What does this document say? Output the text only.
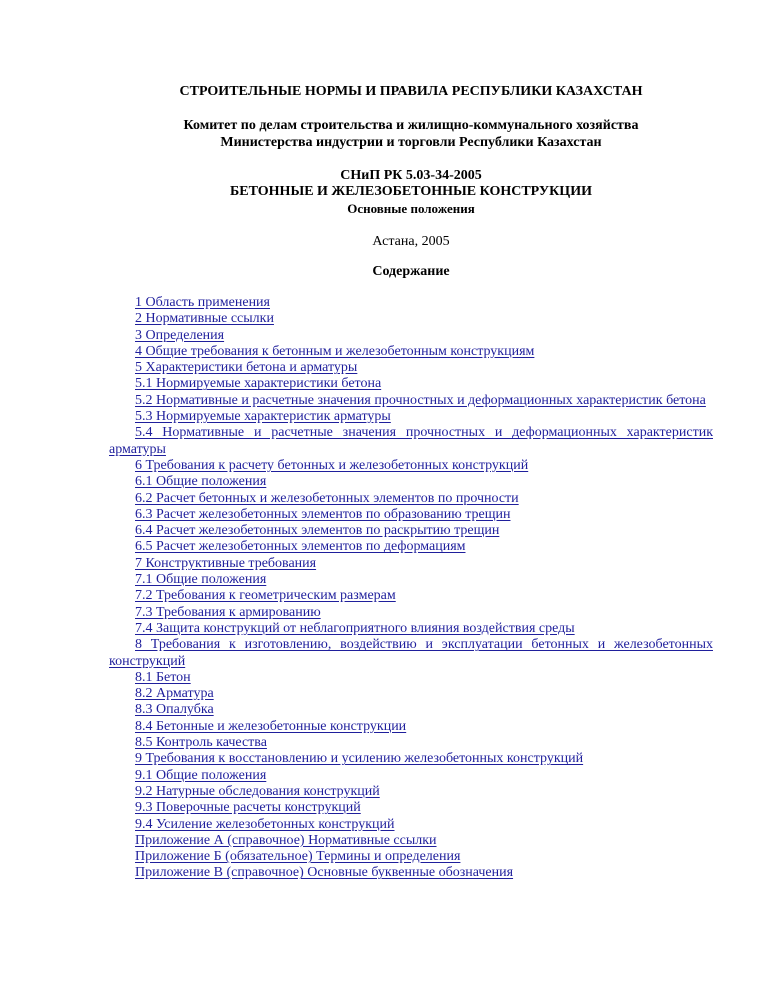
СТРОИТЕЛЬНЫЕ НОРМЫ И ПРАВИЛА РЕСПУБЛИКИ КАЗАХСТАН
Комитет по делам строительства и жилищно-коммунального хозяйства
Министерства индустрии и торговли Республики Казахстан
СНиП РК 5.03-34-2005
БЕТОННЫЕ И ЖЕЛЕЗОБЕТОННЫЕ КОНСТРУКЦИИ
Основные положения
Астана, 2005
Содержание
1 Область применения
2 Нормативные ссылки
3 Определения
4 Общие требования к бетонным и железобетонным конструкциям
5 Характеристики бетона и арматуры
5.1 Нормируемые характеристики бетона
5.2 Нормативные и расчетные значения прочностных и деформационных характеристик бетона
5.3 Нормируемые характеристик арматуры
5.4 Нормативные и расчетные значения прочностных и деформационных характеристик арматуры
6 Требования к расчету бетонных и железобетонных конструкций
6.1 Общие положения
6.2 Расчет бетонных и железобетонных элементов по прочности
6.3 Расчет железобетонных элементов по образованию трещин
6.4 Расчет железобетонных элементов по раскрытию трещин
6.5 Расчет железобетонных элементов по деформациям
7 Конструктивные требования
7.1 Общие положения
7.2 Требования к геометрическим размерам
7.3 Требования к армированию
7.4 Защита конструкций от неблагоприятного влияния воздействия среды
8 Требования к изготовлению, воздействию и эксплуатации бетонных и железобетонных конструкций
8.1 Бетон
8.2 Арматура
8.3 Опалубка
8.4 Бетонные и железобетонные конструкции
8.5 Контроль качества
9 Требования к восстановлению и усилению железобетонных конструкций
9.1 Общие положения
9.2 Натурные обследования конструкций
9.3 Поверочные расчеты конструкций
9.4 Усиление железобетонных конструкций
Приложение А (справочное) Нормативные ссылки
Приложение Б (обязательное) Термины и определения
Приложение В (справочное) Основные буквенные обозначения
